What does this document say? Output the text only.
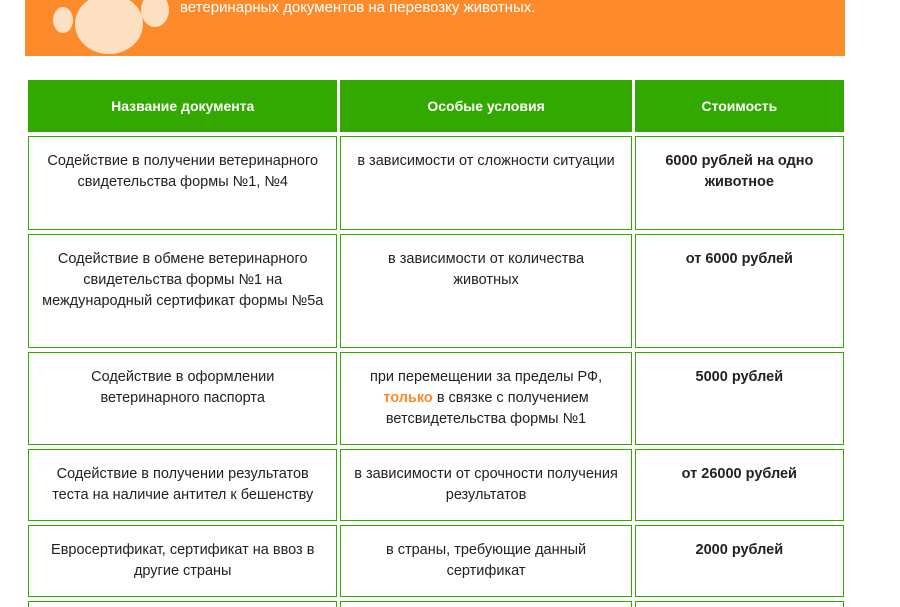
ветеринарных документов на перевозку животных.
Название документа	Особые условия	Стоимость
Содействие в получении ветеринарного свидетельства формы №1, №4	в зависимости от сложности ситуации	6000 рублей на одно животное
Содействие в обмене ветеринарного свидетельства формы №1 на международный сертификат формы №5а	в зависимости от количества животных	от 6000 рублей
Содействие в оформлении ветеринарного паспорта	при перемещении за пределы РФ, только в связке с получением ветсвидетельства формы №1	5000 рублей
Содействие в получении результатов теста на наличие антител к бешенству	в зависимости от срочности получения результатов	от 26000 рублей
Евросертификат, сертификат на ввоз в другие страны	в страны, требующие данный сертификат	2000 рублей
